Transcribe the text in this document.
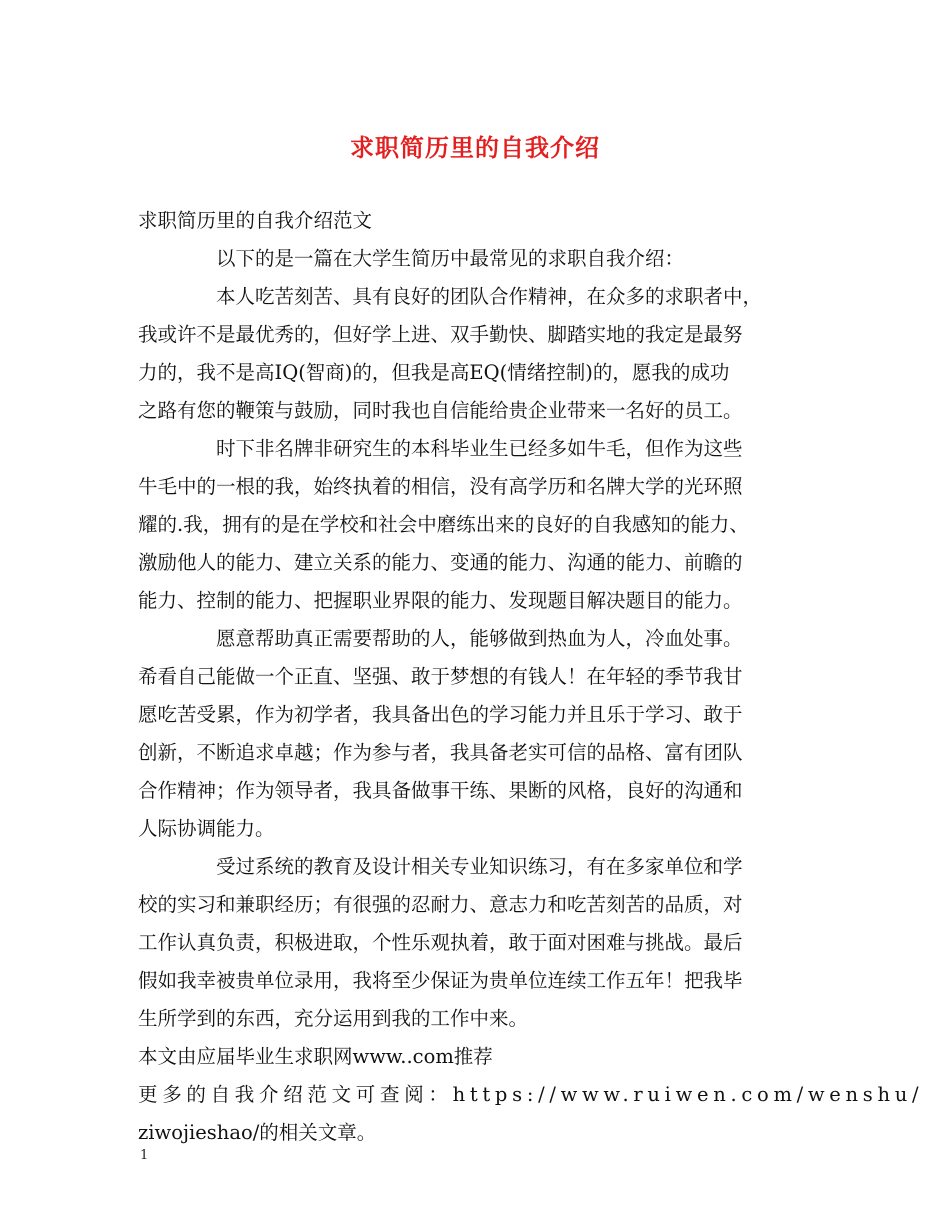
求职简历里的自我介绍
求职简历里的自我介绍范文
以下的是一篇在大学生简历中最常见的求职自我介绍：
本人吃苦刻苦、具有良好的团队合作精神，在众多的求职者中，
我或许不是最优秀的，但好学上进、双手勤快、脚踏实地的我定是最努
力的，我不是高IQ(智商)的，但我是高EQ(情绪控制)的，愿我的成功
之路有您的鞭策与鼓励，同时我也自信能给贵企业带来一名好的员工。
时下非名牌非研究生的本科毕业生已经多如牛毛，但作为这些
牛毛中的一根的我，始终执着的相信，没有高学历和名牌大学的光环照
耀的.我，拥有的是在学校和社会中磨练出来的良好的自我感知的能力、
激励他人的能力、建立关系的能力、变通的能力、沟通的能力、前瞻的
能力、控制的能力、把握职业界限的能力、发现题目解决题目的能力。
愿意帮助真正需要帮助的人，能够做到热血为人，冷血处事。
希看自己能做一个正直、坚强、敢于梦想的有钱人！在年轻的季节我甘
愿吃苦受累，作为初学者，我具备出色的学习能力并且乐于学习、敢于
创新，不断追求卓越；作为参与者，我具备老实可信的品格、富有团队
合作精神；作为领导者，我具备做事干练、果断的风格，良好的沟通和
人际协调能力。
受过系统的教育及设计相关专业知识练习，有在多家单位和学
校的实习和兼职经历；有很强的忍耐力、意志力和吃苦刻苦的品质，对
工作认真负责，积极进取，个性乐观执着，敢于面对困难与挑战。最后
假如我幸被贵单位录用，我将至少保证为贵单位连续工作五年！把我毕
生所学到的东西，充分运用到我的工作中来。
本文由应届毕业生求职网www..com推荐
更多的自我介绍范文可查阅：https://www.ruiwen.com/wenshu/
ziwojieshao/的相关文章。
1
